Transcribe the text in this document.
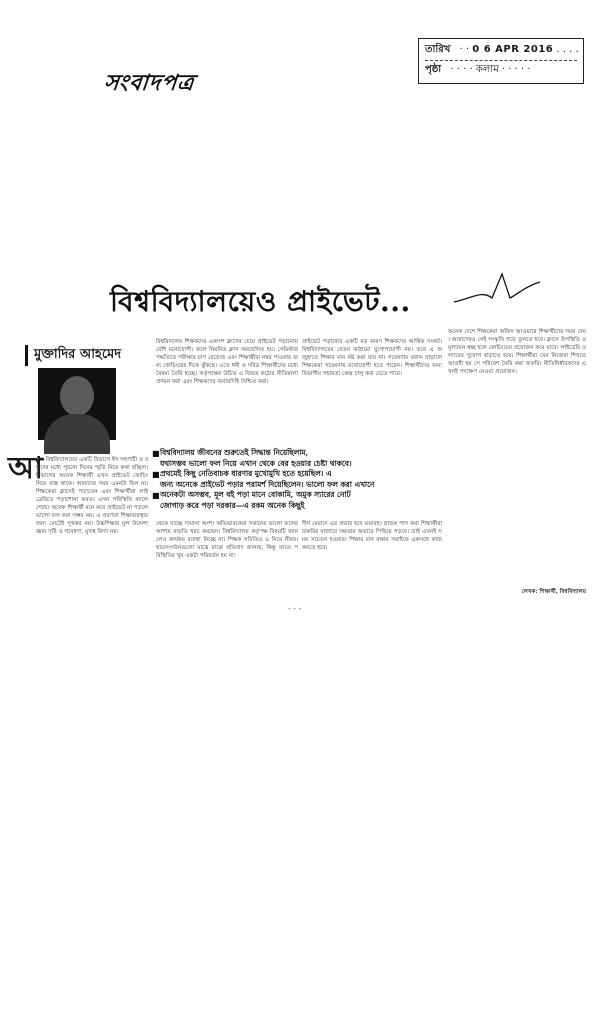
তারিখ · · 0 6 APR 2016 . . . .
পৃষ্ঠা · · · · কলাম · · · · ·
সংবাদপত্র
বিশ্ববিদ্যালয়েও প্রাইভেট...
মুক্তাদির আহমেদ
আ
মার বিশ্ববিদ্যালয়ের একটি বিভাগে ঈদ সহপাঠী ও বন্ধুদের মধ্যে পুরনো দিনের স্মৃতি নিয়ে কথা হচ্ছিল। বিভাগের অনেক শিক্ষার্থী এখন প্রাইভেট কোচিং নিয়ে ব্যস্ত থাকে। আমাদের সময় এমনটা ছিল না। শিক্ষকেরা ক্লাসেই পড়াতেন এবং শিক্ষার্থীরা লাইব্রেরিতে পড়াশোনা করত। এখন পরিস্থিতি বদলে গেছে। অনেক শিক্ষার্থী মনে করে প্রাইভেট না পড়লে ভালো ফল করা সম্ভব নয়। এ প্রবণতা শিক্ষাব্যবস্থার জন্য মোটেই সুখকর নয়। উচ্চশিক্ষার মূল উদ্দেশ্য জ্ঞান সৃষ্টি ও গবেষণা, মুখস্থ বিদ্যা নয়।
বিশ্ববিদ্যালয় শিক্ষকদের একাংশ ক্লাসের চেয়ে প্রাইভেট পড়ানোয় বেশি মনোযোগী। ফলে নিয়মিত ক্লাস অবহেলিত হয়। সেমিস্টার পদ্ধতিতে পরীক্ষার চাপ বেড়েছে এবং শিক্ষার্থীরা নম্বর পাওয়ার জন্য কোচিংয়ের দিকে ঝুঁকছে। এতে ধনী ও দরিদ্র শিক্ষার্থীদের মধ্যে বৈষম্য তৈরি হচ্ছে। কর্তৃপক্ষের উচিত এ বিষয়ে কঠোর নীতিমালা প্রণয়ন করা এবং শিক্ষকদের জবাবদিহি নিশ্চিত করা।
প্রাইভেট পড়ানোর একটি বড় কারণ শিক্ষকদের আর্থিক সংকট। বিশ্ববিদ্যালয়ের বেতন কাঠামো যুগোপযোগী নয়। তবে এ অজুহাতে শিক্ষার মান নষ্ট করা যায় না। গবেষণায় বরাদ্দ বাড়ালে শিক্ষকেরা গবেষণায় মনোযোগী হতে পারেন। শিক্ষার্থীদের জন্য বিভাগীয় সহায়তা কেন্দ্র চালু করা যেতে পারে।
অনেক দেশে শিক্ষকেরা অফিস আওয়ারে শিক্ষার্থীদের সময় দেন। আমাদেরও সেই সংস্কৃতি গড়ে তুলতে হবে। ক্লাসে উপস্থিতি ও মূল্যায়ন স্বচ্ছ হলে কোচিংয়ের প্রয়োজন কমে যাবে। লাইব্রেরি ও ল্যাবের সুযোগ বাড়াতে হবে। শিক্ষার্থীরা যেন নিজেরা শিখতে আগ্রহী হয় সে পরিবেশ তৈরি করা জরুরি। নীতিনির্ধারকদের এখনই পদক্ষেপ নেওয়া প্রয়োজন।
■ বিশ্ববিদ্যালয় জীবনের শুরুতেই সিদ্ধান্ত নিয়েছিলাম,
যথাসম্ভব ভালো ফল নিয়ে এখান থেকে বের হওয়ার চেষ্টা থাকবে।
■ প্রথমেই কিছু নেতিবাচক ধারণার মুখোমুখি হতে হয়েছিল। এ
জন্য অনেকে প্রাইভেট পড়ার পরামর্শ দিয়েছিলেন। ভালো ফল করা এখানে
■ অনেকটা অসম্ভব, মূল বই পড়া মানে বোকামি, অমুক স্যারের নোট
জোগাড় করে পড়া দরকার—এ রকম অনেক কিছুই
থেকে যাচ্ছে সামান্য অংশ। অভিভাবকেরা সন্তানের ভালো ফলের আশায় বাড়তি খরচ করছেন। বিশ্ববিদ্যালয় কর্তৃপক্ষ বিষয়টি জানলেও কার্যকর ব্যবস্থা নিচ্ছে না। শিক্ষক সমিতিও এ নিয়ে নীরব। ছাত্রসংগঠনগুলো মাঝে মাঝে প্রতিবাদ জানায়, কিন্তু তাতে পরিস্থিতির খুব একটা পরিবর্তন হয় না।
দীর্ঘ মেয়াদে এর প্রভাব হবে ভয়াবহ। স্নাতক পাস করা শিক্ষার্থীরা চাকরির বাজারে দক্ষতার অভাবে পিছিয়ে পড়বে। তাই এখনই সময় সচেতন হওয়ার। শিক্ষার মান রক্ষায় সবাইকে একসঙ্গে কাজ করতে হবে।
লেখক: শিক্ষার্থী, বিশ্ববিদ্যালয়
- - -
